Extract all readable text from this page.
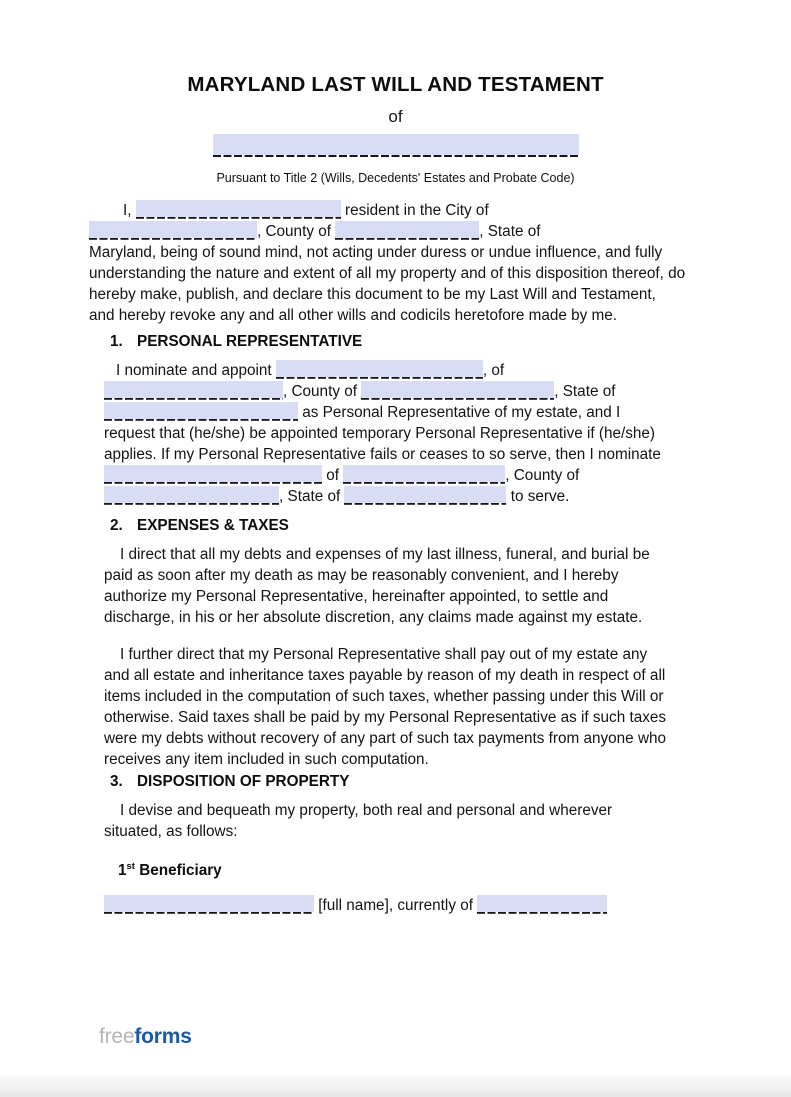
MARYLAND LAST WILL AND TESTAMENT
of
Pursuant to Title 2 (Wills, Decedents' Estates and Probate Code)
I,	resident in the City of
, County of	, State of
Maryland, being of sound mind, not acting under duress or undue influence, and fully
understanding the nature and extent of all my property and of this disposition thereof, do
hereby make, publish, and declare this document to be my Last Will and Testament,
and hereby revoke any and all other wills and codicils heretofore made by me.
1. PERSONAL REPRESENTATIVE
I nominate and appoint	, of
, County of	, State of
as Personal Representative of my estate, and I
request that (he/she) be appointed temporary Personal Representative if (he/she)
applies. If my Personal Representative fails or ceases to so serve, then I nominate
of	, County of
, State of	to serve.
2. EXPENSES & TAXES
I direct that all my debts and expenses of my last illness, funeral, and burial be
paid as soon after my death as may be reasonably convenient, and I hereby
authorize my Personal Representative, hereinafter appointed, to settle and
discharge, in his or her absolute discretion, any claims made against my estate.
I further direct that my Personal Representative shall pay out of my estate any
and all estate and inheritance taxes payable by reason of my death in respect of all
items included in the computation of such taxes, whether passing under this Will or
otherwise. Said taxes shall be paid by my Personal Representative as if such taxes
were my debts without recovery of any part of such tax payments from anyone who
receives any item included in such computation.
3. DISPOSITION OF PROPERTY
I devise and bequeath my property, both real and personal and wherever
situated, as follows:
1st Beneficiary
[full name], currently of
freeforms
